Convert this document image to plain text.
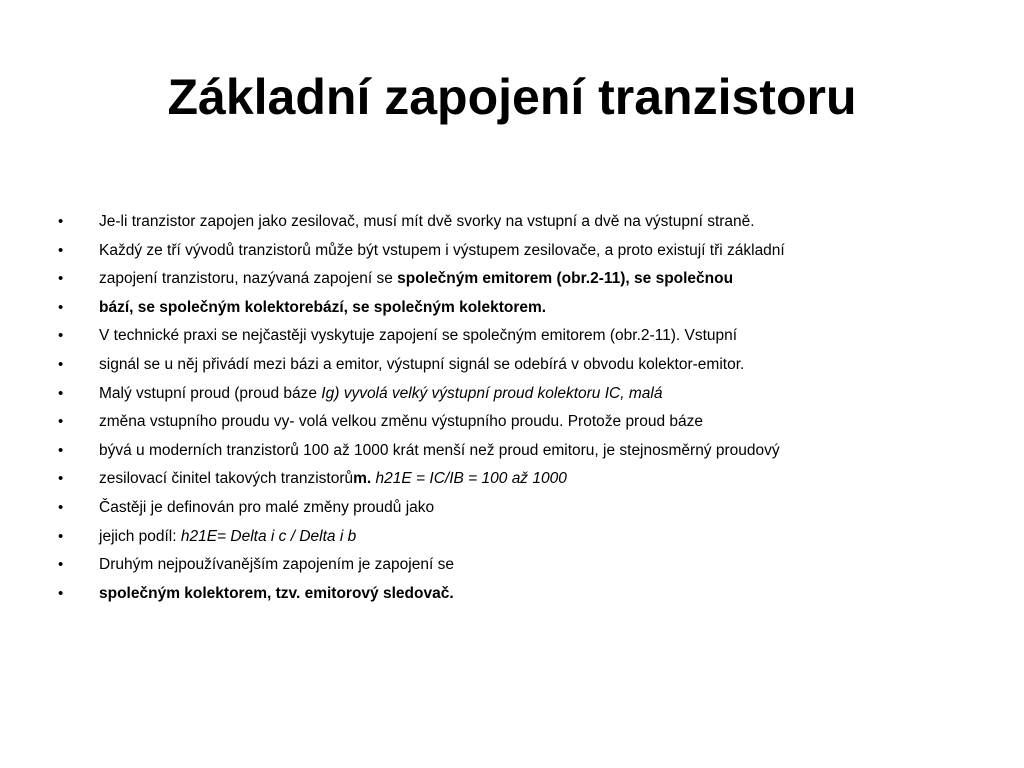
Základní zapojení tranzistoru
•	Je-li tranzistor zapojen jako zesilovač, musí mít dvě svorky na vstupní a dvě na výstupní straně.
•	Každý ze tří vývodů tranzistorů může být vstupem i výstupem zesilovače, a proto existují tři základní
•	zapojení tranzistoru, nazývaná zapojení se společným emitorem (obr.2-11), se společnou
•	bází, se společným kolektorebází, se společným kolektorem.
•	V technické praxi se nejčastěji vyskytuje zapojení se společným emitorem (obr.2-11). Vstupní
•	signál se u něj přivádí mezi bázi a emitor, výstupní signál se odebírá v obvodu kolektor-emitor.
•	Malý vstupní proud (proud báze Ig) vyvolá velký výstupní proud kolektoru IC, malá
•	změna vstupního proudu vy- volá velkou změnu výstupního proudu. Protože proud báze
•	bývá u moderních tranzistorů 100 až 1000 krát menší než proud emitoru, je stejnosměrný proudový
•	zesilovací činitel takových tranzistorům. h21E = IC/IB = 100 až 1000
•	Častěji je definován pro malé změny proudů jako
•	jejich podíl: h21E= Delta i c / Delta i b
•	Druhým nejpoužívanějším zapojením je zapojení se
•	společným kolektorem, tzv. emitorový sledovač.
